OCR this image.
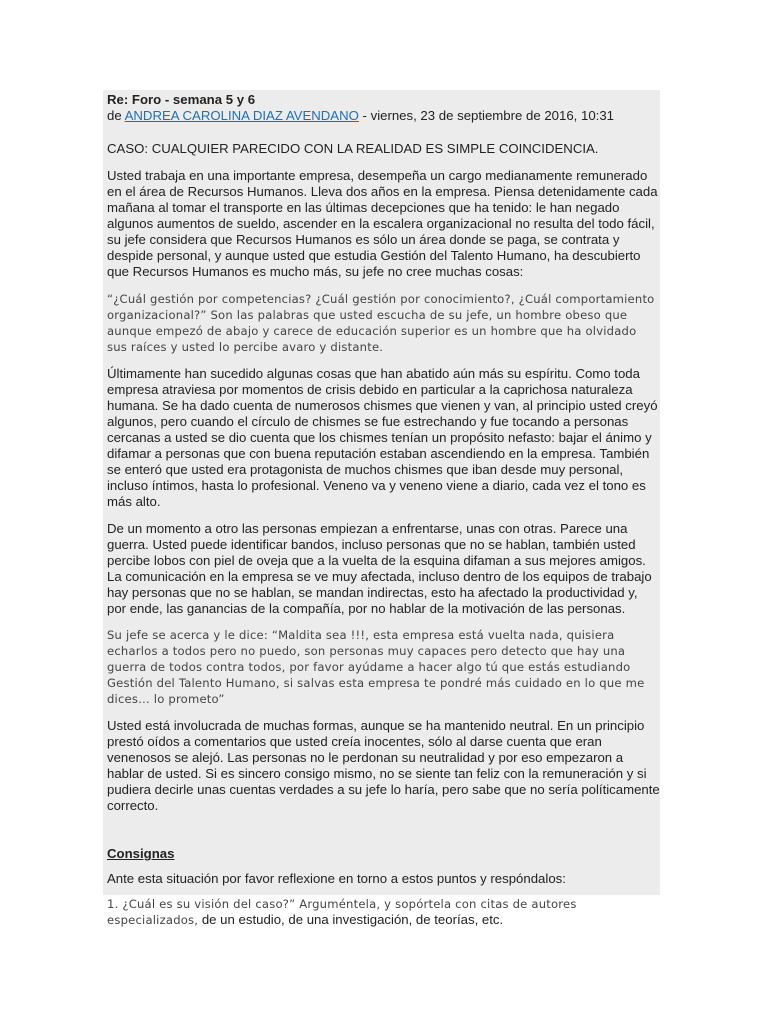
Re: Foro - semana 5 y 6
de ANDREA CAROLINA DIAZ AVENDANO - viernes, 23 de septiembre de 2016, 10:31

CASO: CUALQUIER PARECIDO CON LA REALIDAD ES SIMPLE COINCIDENCIA.

Usted trabaja en una importante empresa, desempeña un cargo medianamente remunerado en el área de Recursos Humanos. Lleva dos años en la empresa. Piensa detenidamente cada mañana al tomar el transporte en las últimas decepciones que ha tenido: le han negado algunos aumentos de sueldo, ascender en la escalera organizacional no resulta del todo fácil, su jefe considera que Recursos Humanos es sólo un área donde se paga, se contrata y despide personal, y aunque usted que estudia Gestión del Talento Humano, ha descubierto que Recursos Humanos es mucho más, su jefe no cree muchas cosas:

“¿Cuál gestión por competencias? ¿Cuál gestión por conocimiento?, ¿Cuál comportamiento organizacional?” Son las palabras que usted escucha de su jefe, un hombre obeso que aunque empezó de abajo y carece de educación superior es un hombre que ha olvidado sus raíces y usted lo percibe avaro y distante.

Últimamente han sucedido algunas cosas que han abatido aún más su espíritu. Como toda empresa atraviesa por momentos de crisis debido en particular a la caprichosa naturaleza humana. Se ha dado cuenta de numerosos chismes que vienen y van, al principio usted creyó algunos, pero cuando el círculo de chismes se fue estrechando y fue tocando a personas cercanas a usted se dio cuenta que los chismes tenían un propósito nefasto: bajar el ánimo y difamar a personas que con buena reputación estaban ascendiendo en la empresa. También se enteró que usted era protagonista de muchos chismes que iban desde muy personal, incluso íntimos, hasta lo profesional. Veneno va y veneno viene a diario, cada vez el tono es más alto.

De un momento a otro las personas empiezan a enfrentarse, unas con otras. Parece una guerra. Usted puede identificar bandos, incluso personas que no se hablan, también usted percibe lobos con piel de oveja que a la vuelta de la esquina difaman a sus mejores amigos. La comunicación en la empresa se ve muy afectada, incluso dentro de los equipos de trabajo hay personas que no se hablan, se mandan indirectas, esto ha afectado la productividad y, por ende, las ganancias de la compañía, por no hablar de la motivación de las personas.

Su jefe se acerca y le dice: “Maldita sea !!!, esta empresa está vuelta nada, quisiera echarlos a todos pero no puedo, son personas muy capaces pero detecto que hay una guerra de todos contra todos, por favor ayúdame a hacer algo tú que estás estudiando Gestión del Talento Humano, si salvas esta empresa te pondré más cuidado en lo que me dices… lo prometo”

Usted está involucrada de muchas formas, aunque se ha mantenido neutral. En un principio prestó oídos a comentarios que usted creía inocentes, sólo al darse cuenta que eran venenosos se alejó. Las personas no le perdonan su neutralidad y por eso empezaron a hablar de usted. Si es sincero consigo mismo, no se siente tan feliz con la remuneración y si pudiera decirle unas cuentas verdades a su jefe lo haría, pero sabe que no sería políticamente correcto.

Consignas

Ante esta situación por favor reflexione en torno a estos puntos y respóndalos:

1. ¿Cuál es su visión del caso?” Arguméntela, y sopórtela con citas de autores especializados, de un estudio, de una investigación, de teorías, etc.
